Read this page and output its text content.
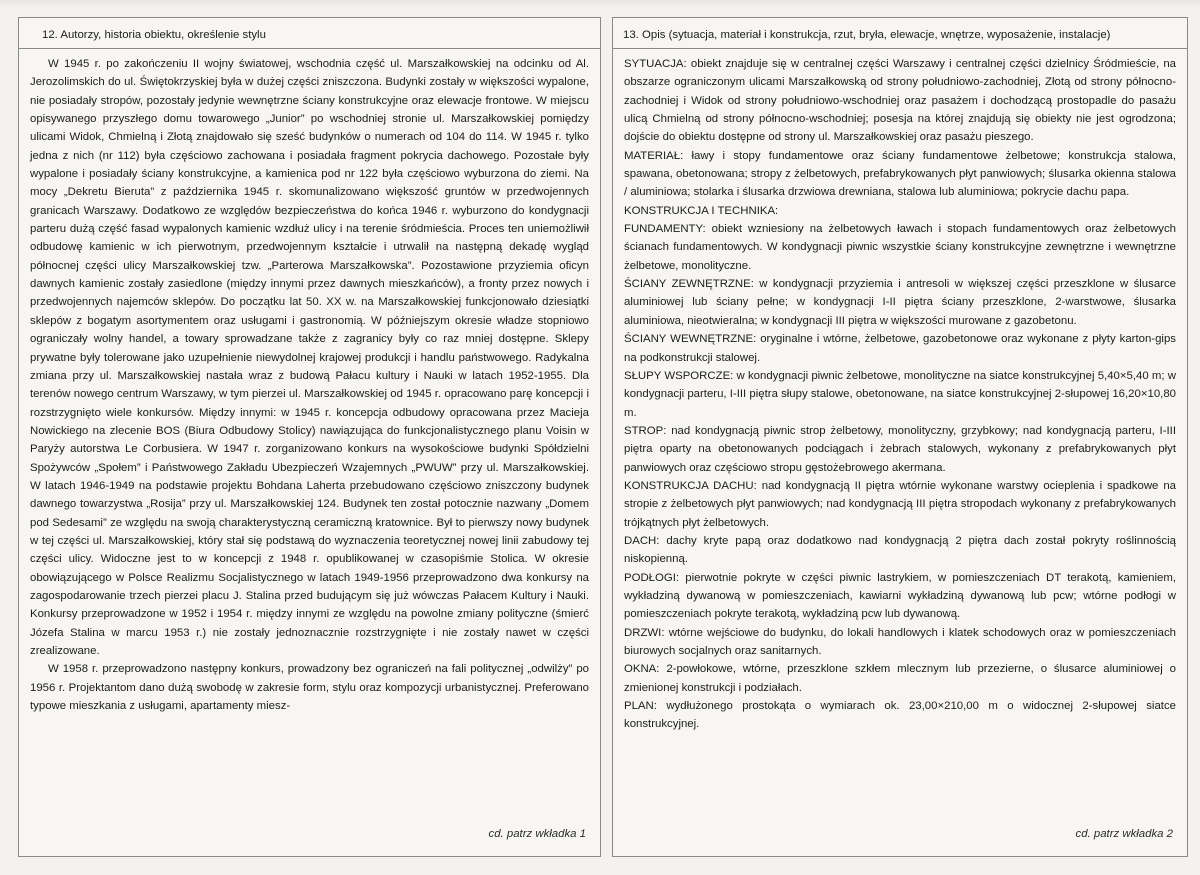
12. Autorzy, historia obiektu, określenie stylu

W 1945 r. po zakończeniu II wojny światowej, wschodnia część ul. Marszałkowskiej na odcinku od Al. Jerozolimskich do ul. Świętokrzyskiej była w dużej części zniszczona. Budynki zostały w większości wypalone, nie posiadały stropów, pozostały jedynie wewnętrzne ściany konstrukcyjne oraz elewacje frontowe. W miejscu opisywanego przyszłego domu towarowego „Junior” po wschodniej stronie ul. Marszałkowskiej pomiędzy ulicami Widok, Chmielną i Złotą znajdowało się sześć budynków o numerach od 104 do 114. W 1945 r. tylko jedna z nich (nr 112) była częściowo zachowana i posiadała fragment pokrycia dachowego. Pozostałe były wypalone i posiadały ściany konstrukcyjne, a kamienica pod nr 122 była częściowo wyburzona do ziemi. Na mocy „Dekretu Bieruta” z października 1945 r. skomunalizowano większość gruntów w przedwojennych granicach Warszawy. Dodatkowo ze względów bezpieczeństwa do końca 1946 r. wyburzono do kondygnacji parteru dużą część fasad wypalonych kamienic wzdłuż ulicy i na terenie śródmieścia. Proces ten uniemożliwił odbudowę kamienic w ich pierwotnym, przedwojennym kształcie i utrwalił na następną dekadę wygląd północnej części ulicy Marszałkowskiej tzw. „Parterowa Marszałkowska”. Pozostawione przyziemia oficyn dawnych kamienic zostały zasiedlone (między innymi przez dawnych mieszkańców), a fronty przez nowych i przedwojennych najemców sklepów. Do początku lat 50. XX w. na Marszałkowskiej funkcjonowało dziesiątki sklepów z bogatym asortymentem oraz usługami i gastronomią. W późniejszym okresie władze stopniowo ograniczały wolny handel, a towary sprowadzane także z zagranicy były co raz mniej dostępne. Sklepy prywatne były tolerowane jako uzupełnienie niewydolnej krajowej produkcji i handlu państwowego. Radykalna zmiana przy ul. Marszałkowskiej nastała wraz z budową Pałacu kultury i Nauki w latach 1952-1955. Dla terenów nowego centrum Warszawy, w tym pierzei ul. Marszałkowskiej od 1945 r. opracowano parę koncepcji i rozstrzygnięto wiele konkursów. Między innymi: w 1945 r. koncepcja odbudowy opracowana przez Macieja Nowickiego na zlecenie BOS (Biura Odbudowy Stolicy) nawiązująca do funkcjonalistycznego planu Voisin w Paryży autorstwa Le Corbusiera. W 1947 r. zorganizowano konkurs na wysokościowe budynki Spółdzielni Spożywców „Społem” i Państwowego Zakładu Ubezpieczeń Wzajemnych „PWUW” przy ul. Marszałkowskiej. W latach 1946-1949 na podstawie projektu Bohdana Laherta przebudowano częściowo zniszczony budynek dawnego towarzystwa „Rosija” przy ul. Marszałkowskiej 124. Budynek ten został potocznie nazwany „Domem pod Sedesami” ze względu na swoją charakterystyczną ceramiczną kratownice. Był to pierwszy nowy budynek w tej części ul. Marszałkowskiej, który stał się podstawą do wyznaczenia teoretycznej nowej linii zabudowy tej części ulicy. Widoczne jest to w koncepcji z 1948 r. opublikowanej w czasopiśmie Stolica. W okresie obowiązującego w Polsce Realizmu Socjalistycznego w latach 1949-1956 przeprowadzono dwa konkursy na zagospodarowanie trzech pierzei placu J. Stalina przed budującym się już wówczas Pałacem Kultury i Nauki. Konkursy przeprowadzone w 1952 i 1954 r. między innymi ze względu na powolne zmiany polityczne (śmierć Józefa Stalina w marcu 1953 r.) nie zostały jednoznacznie rozstrzygnięte i nie zostały nawet w części zrealizowane.

W 1958 r. przeprowadzono następny konkurs, prowadzony bez ograniczeń na fali politycznej „odwilży” po 1956 r. Projektantom dano dużą swobodę w zakresie form, stylu oraz kompozycji urbanistycznej. Preferowano typowe mieszkania z usługami, apartamenty miesz-

cd. patrz wkładka 1
13. Opis (sytuacja, materiał i konstrukcja, rzut, bryła, elewacje, wnętrze, wyposażenie, instalacje)

SYTUACJA: obiekt znajduje się w centralnej części Warszawy i centralnej części dzielnicy Śródmieście, na obszarze ograniczonym ulicami Marszałkowską od strony południowo-zachodniej, Złotą od strony północno-zachodniej i Widok od strony południowo-wschodniej oraz pasażem i dochodzącą prostopadle do pasażu ulicą Chmielną od strony północno-wschodniej; posesja na której znajdują się obiekty nie jest ogrodzona; dojście do obiektu dostępne od strony ul. Marszałkowskiej oraz pasażu pieszego.

MATERIAŁ: ławy i stopy fundamentowe oraz ściany fundamentowe żelbetowe; konstrukcja stalowa, spawana, obetonowana; stropy z żelbetowych, prefabrykowanych płyt panwiowych; ślusarka okienna stalowa / aluminiowa; stolarka i ślusarka drzwiowa drewniana, stalowa lub aluminiowa; pokrycie dachu papa.

KONSTRUKCJA I TECHNIKA:

FUNDAMENTY: obiekt wzniesiony na żelbetowych ławach i stopach fundamentowych oraz żelbetowych ścianach fundamentowych. W kondygnacji piwnic wszystkie ściany konstrukcyjne zewnętrzne i wewnętrzne żelbetowe, monolityczne.

ŚCIANY ZEWNĘTRZNE: w kondygnacji przyziemia i antresoli w większej części przeszklone w ślusarce aluminiowej lub ściany pełne; w kondygnacji I-II piętra ściany przeszklone, 2-warstwowe, ślusarka aluminiowa, nieotwieralna; w kondygnacji III piętra w większości murowane z gazobetonu.

ŚCIANY WEWNĘTRZNE: oryginalne i wtórne, żelbetowe, gazobetonowe oraz wykonane z płyty karton-gips na podkonstrukcji stalowej.

SŁUPY WSPORCZE: w kondygnacji piwnic żelbetowe, monolityczne na siatce konstrukcyjnej 5,40×5,40 m; w kondygnacji parteru, I-III piętra słupy stalowe, obetonowane, na siatce konstrukcyjnej 2-słupowej 16,20×10,80 m.

STROP: nad kondygnacją piwnic strop żelbetowy, monolityczny, grzybkowy; nad kondygnacją parteru, I-III piętra oparty na obetonowanych podciągach i żebrach stalowych, wykonany z prefabrykowanych płyt panwiowych oraz częściowo stropu gęstożebrowego akermana.

KONSTRUKCJA DACHU: nad kondygnacją II piętra wtórnie wykonane warstwy ocieplenia i spadkowe na stropie z żelbetowych płyt panwiowych; nad kondygnacją III piętra stropodach wykonany z prefabrykowanych trójkątnych płyt żelbetowych.

DACH: dachy kryte papą oraz dodatkowo nad kondygnacją 2 piętra dach został pokryty roślinnością niskopienną.

PODŁOGI: pierwotnie pokryte w części piwnic lastrykiem, w pomieszczeniach DT terakotą, kamieniem, wykładziną dywanową w pomieszczeniach, kawiarni wykładziną dywanową lub pcw; wtórne podłogi w pomieszczeniach pokryte terakotą, wykładziną pcw lub dywanową.

DRZWI: wtórne wejściowe do budynku, do lokali handlowych i klatek schodowych oraz w pomieszczeniach biurowych socjalnych oraz sanitarnych.

OKNA: 2-powłokowe, wtórne, przeszklone szkłem mlecznym lub przezierne, o ślusarce aluminiowej o zmienionej konstrukcji i podziałach.

PLAN: wydłużonego prostokąta o wymiarach ok. 23,00×210,00 m o widocznej 2-słupowej siatce konstrukcyjnej.

cd. patrz wkładka 2
